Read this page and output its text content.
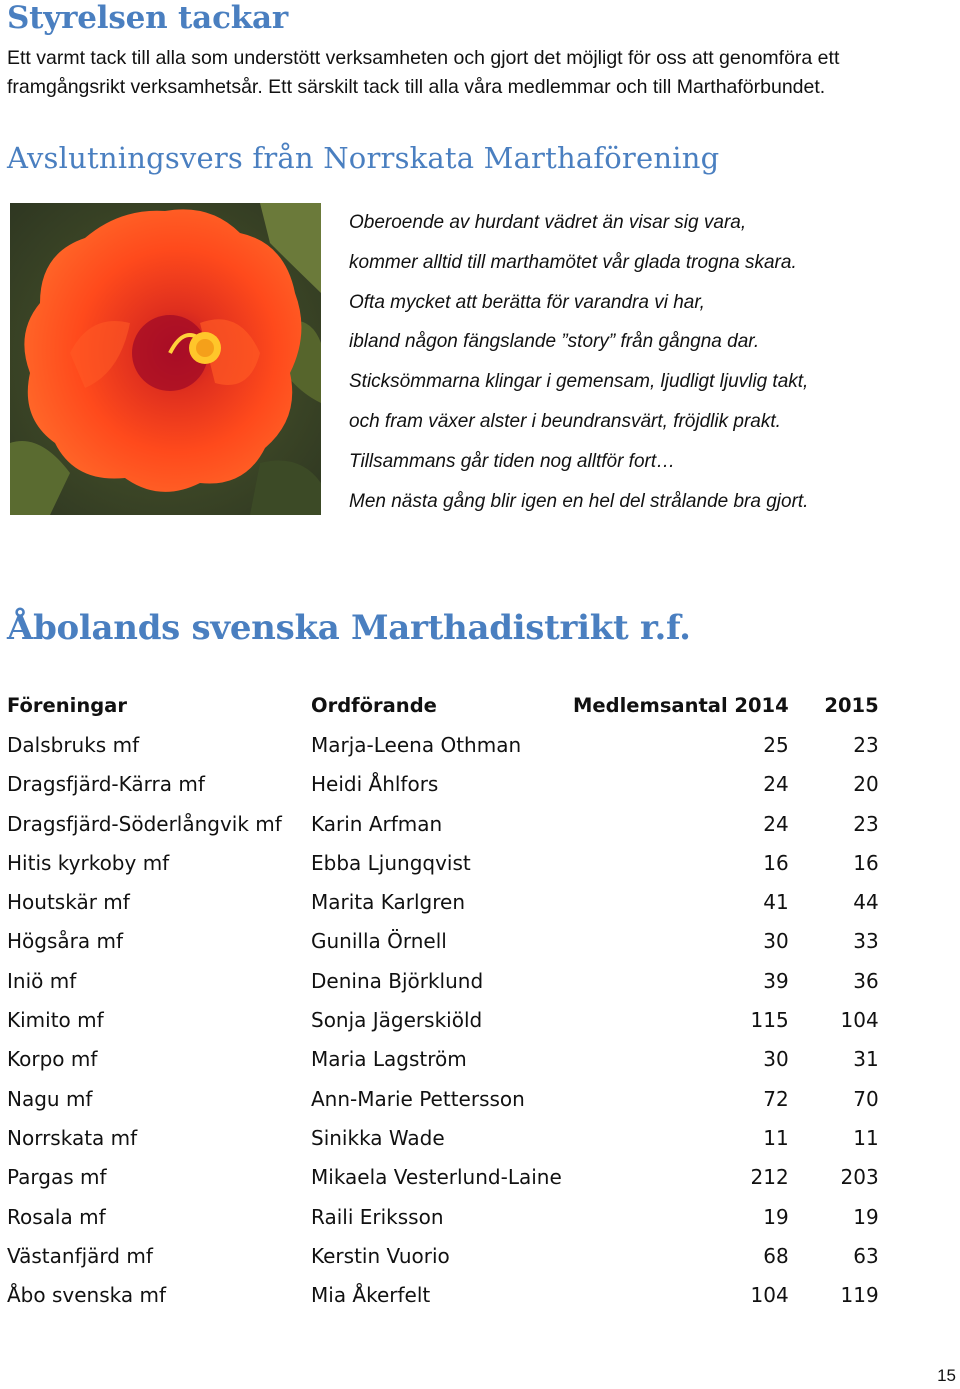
Styrelsen tackar

Ett varmt tack till alla som understött verksamheten och gjort det möjligt för oss att genomföra ett
framgångsrikt verksamhetsår. Ett särskilt tack till alla våra medlemmar och till Marthaförbundet.

Avslutningsvers från Norrskata Marthaförening
Oberoende av hurdant vädret än visar sig vara,
kommer alltid till marthamötet vår glada trogna skara.
Ofta mycket att berätta för varandra vi har,
ibland någon fängslande ”story” från gångna dar.
Sticksömmarna klingar i gemensam, ljudligt ljuvlig takt,
och fram växer alster i beundransvärt, fröjdlik prakt.
Tillsammans går tiden nog alltför fort…
Men nästa gång blir igen en hel del strålande bra gjort.
Åbolands svenska Marthadistrikt r.f.
Föreningar	Ordförande	Medlemsantal 2014	2015
Dalsbruks mf	Marja-Leena Othman	25	23
Dragsfjärd-Kärra mf	Heidi Åhlfors	24	20
Dragsfjärd-Söderlångvik mf	Karin Arfman	24	23
Hitis kyrkoby mf	Ebba Ljungqvist	16	16
Houtskär mf	Marita Karlgren	41	44
Högsåra mf	Gunilla Örnell	30	33
Iniö mf	Denina Björklund	39	36
Kimito mf	Sonja Jägerskiöld	115	104
Korpo mf	Maria Lagström	30	31
Nagu mf	Ann-Marie Pettersson	72	70
Norrskata mf	Sinikka Wade	11	11
Pargas mf	Mikaela Vesterlund-Laine	212	203
Rosala mf	Raili Eriksson	19	19
Västanfjärd mf	Kerstin Vuorio	68	63
Åbo svenska mf	Mia Åkerfelt	104	119
15
